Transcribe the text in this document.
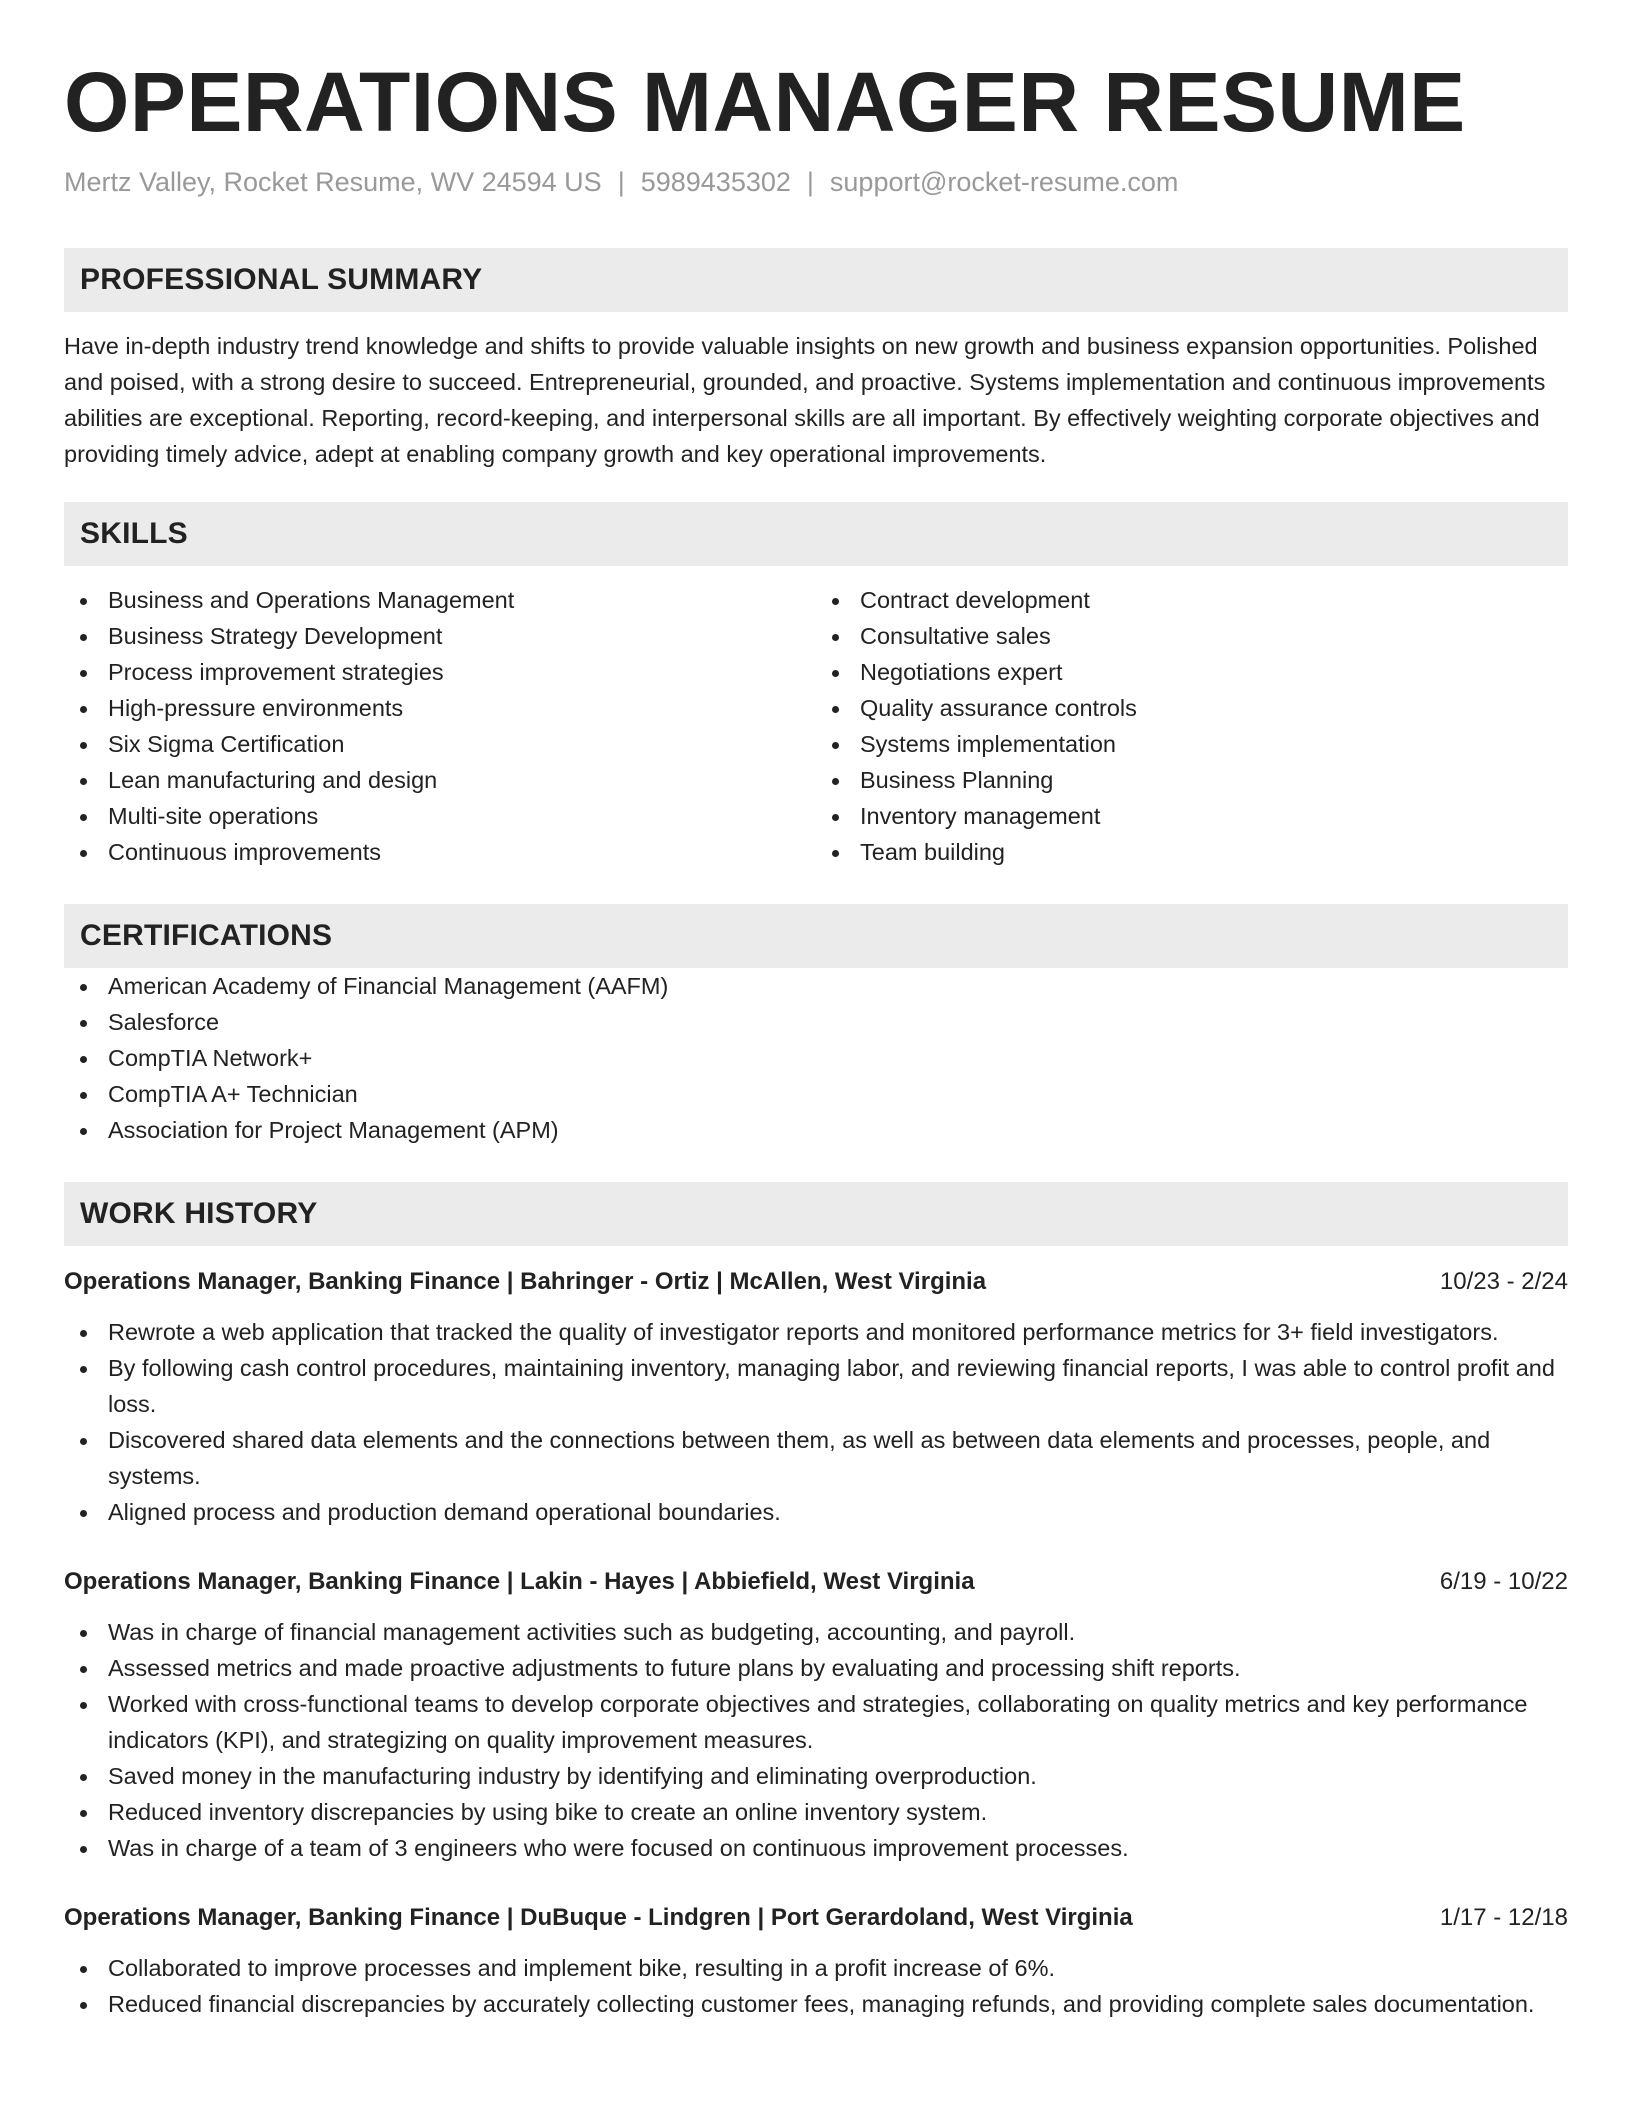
OPERATIONS MANAGER RESUME
Mertz Valley, Rocket Resume, WV 24594 US | 5989435302 | support@rocket-resume.com
PROFESSIONAL SUMMARY

Have in-depth industry trend knowledge and shifts to provide valuable insights on new growth and business expansion opportunities. Polished and poised, with a strong desire to succeed. Entrepreneurial, grounded, and proactive. Systems implementation and continuous improvements abilities are exceptional. Reporting, record-keeping, and interpersonal skills are all important. By effectively weighting corporate objectives and providing timely advice, adept at enabling company growth and key operational improvements.

SKILLS
Business and Operations Management
Business Strategy Development
Process improvement strategies
High-pressure environments
Six Sigma Certification
Lean manufacturing and design
Multi-site operations
Continuous improvements
Contract development
Consultative sales
Negotiations expert
Quality assurance controls
Systems implementation
Business Planning
Inventory management
Team building
CERTIFICATIONS
American Academy of Financial Management (AAFM)
Salesforce
CompTIA Network+
CompTIA A+ Technician
Association for Project Management (APM)
WORK HISTORY
Operations Manager, Banking Finance | Bahringer - Ortiz | McAllen, West Virginia	10/23 - 2/24
Rewrote a web application that tracked the quality of investigator reports and monitored performance metrics for 3+ field investigators.
By following cash control procedures, maintaining inventory, managing labor, and reviewing financial reports, I was able to control profit and loss.
Discovered shared data elements and the connections between them, as well as between data elements and processes, people, and systems.
Aligned process and production demand operational boundaries.
Operations Manager, Banking Finance | Lakin - Hayes | Abbiefield, West Virginia	6/19 - 10/22
Was in charge of financial management activities such as budgeting, accounting, and payroll.
Assessed metrics and made proactive adjustments to future plans by evaluating and processing shift reports.
Worked with cross-functional teams to develop corporate objectives and strategies, collaborating on quality metrics and key performance indicators (KPI), and strategizing on quality improvement measures.
Saved money in the manufacturing industry by identifying and eliminating overproduction.
Reduced inventory discrepancies by using bike to create an online inventory system.
Was in charge of a team of 3 engineers who were focused on continuous improvement processes.
Operations Manager, Banking Finance | DuBuque - Lindgren | Port Gerardoland, West Virginia	1/17 - 12/18
Collaborated to improve processes and implement bike, resulting in a profit increase of 6%.
Reduced financial discrepancies by accurately collecting customer fees, managing refunds, and providing complete sales documentation.
